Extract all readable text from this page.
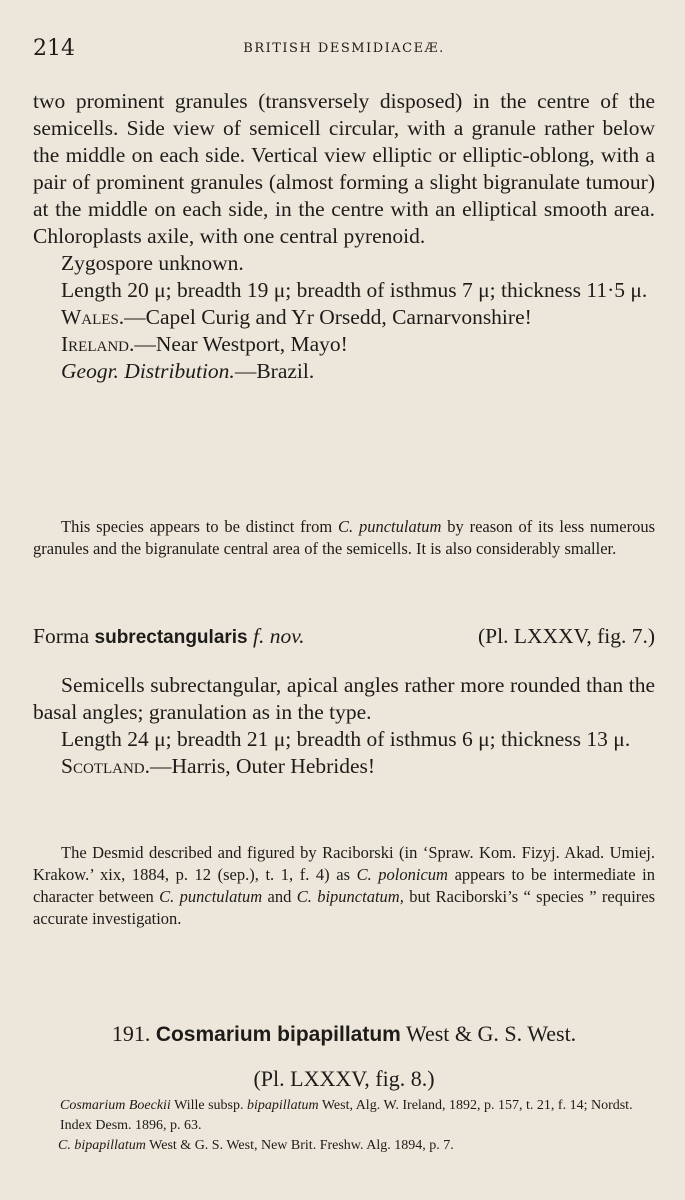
214	BRITISH DESMIDIACEÆ.

two prominent granules (transversely disposed) in the centre of the semicells. Side view of semicell circular, with a granule rather below the middle on each side. Vertical view elliptic or elliptic-oblong, with a pair of prominent granules (almost forming a slight bigranulate tumour) at the middle on each side, in the centre with an elliptical smooth area. Chloroplasts axile, with one central pyrenoid.

Zygospore unknown.

Length 20 μ; breadth 19 μ; breadth of isthmus 7 μ; thickness 11·5 μ.

Wales.—Capel Curig and Yr Orsedd, Carnarvonshire!

Ireland.—Near Westport, Mayo!

Geogr. Distribution.—Brazil.

This species appears to be distinct from C. punctulatum by reason of its less numerous granules and the bigranulate central area of the semicells. It is also considerably smaller.

Forma subrectangularis f. nov.	(Pl. LXXXV, fig. 7.)

Semicells subrectangular, apical angles rather more rounded than the basal angles; granulation as in the type.

Length 24 μ; breadth 21 μ; breadth of isthmus 6 μ; thickness 13 μ.

Scotland.—Harris, Outer Hebrides!

The Desmid described and figured by Raciborski (in ‘Spraw. Kom. Fizyj. Akad. Umiej. Krakow.’ xix, 1884, p. 12 (sep.), t. 1, f. 4) as C. polonicum appears to be intermediate in character between C. punctulatum and C. bipunctatum, but Raciborski’s “ species ” requires accurate investigation.

191. Cosmarium bipapillatum West & G. S. West.
(Pl. LXXXV, fig. 8.)

Cosmarium Boeckii Wille subsp. bipapillatum West, Alg. W. Ireland, 1892, p. 157, t. 21, f. 14; Nordst. Index Desm. 1896, p. 63.

C. bipapillatum West & G. S. West, New Brit. Freshw. Alg. 1894, p. 7.
